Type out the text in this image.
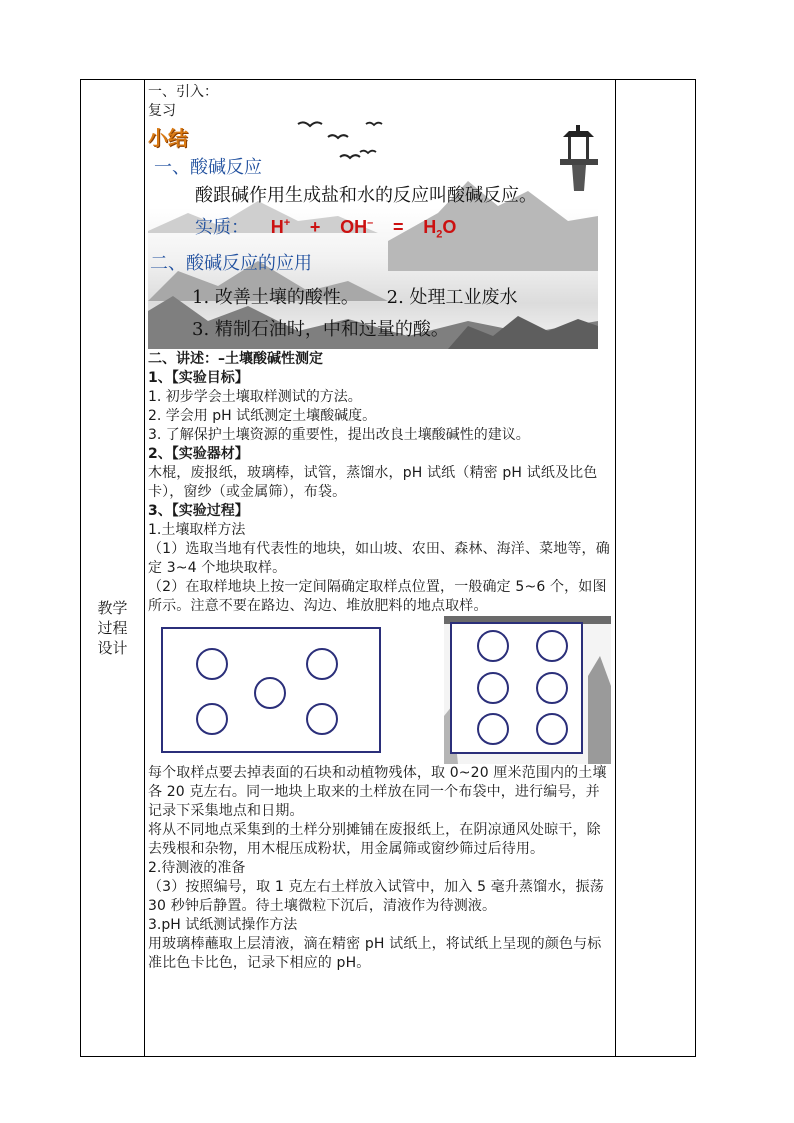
教学
过程
设计
一、引入：
复习
小结
一、酸碱反应
酸跟碱作用生成盐和水的反应叫酸碱反应。
实质： $H^+ + OH^- = H_2O$
二、酸碱反应的应用
1. 改善土壤的酸性。 2. 处理工业废水
3. 精制石油时，中和过量的酸。
二、讲述：–土壤酸碱性测定
1、【实验目标】
1. 初步学会土壤取样测试的方法。
2. 学会用 pH 试纸测定土壤酸碱度。
3. 了解保护土壤资源的重要性，提出改良土壤酸碱性的建议。
2、【实验器材】
木棍，废报纸，玻璃棒，试管，蒸馏水，pH 试纸（精密 pH 试纸及比色卡），窗纱（或金属筛），布袋。
3、【实验过程】
1.土壤取样方法
（1）选取当地有代表性的地块，如山坡、农田、森林、海洋、菜地等，确定 3~4 个地块取样。
（2）在取样地块上按一定间隔确定取样点位置，一般确定 5~6 个，如图所示。注意不要在路边、沟边、堆放肥料的地点取样。
每个取样点要去掉表面的石块和动植物残体，取 0~20 厘米范围内的土壤各 20 克左右。同一地块上取来的土样放在同一个布袋中，进行编号，并记录下采集地点和日期。
将从不同地点采集到的土样分别摊铺在废报纸上，在阴凉通风处晾干，除去残根和杂物，用木棍压成粉状，用金属筛或窗纱筛过后待用。
2.待测液的准备
（3）按照编号，取 1 克左右土样放入试管中，加入 5 毫升蒸馏水，振荡 30 秒钟后静置。待土壤微粒下沉后，清液作为待测液。
3.pH 试纸测试操作方法
用玻璃棒蘸取上层清液，滴在精密 pH 试纸上，将试纸上呈现的颜色与标准比色卡比色，记录下相应的 pH。
